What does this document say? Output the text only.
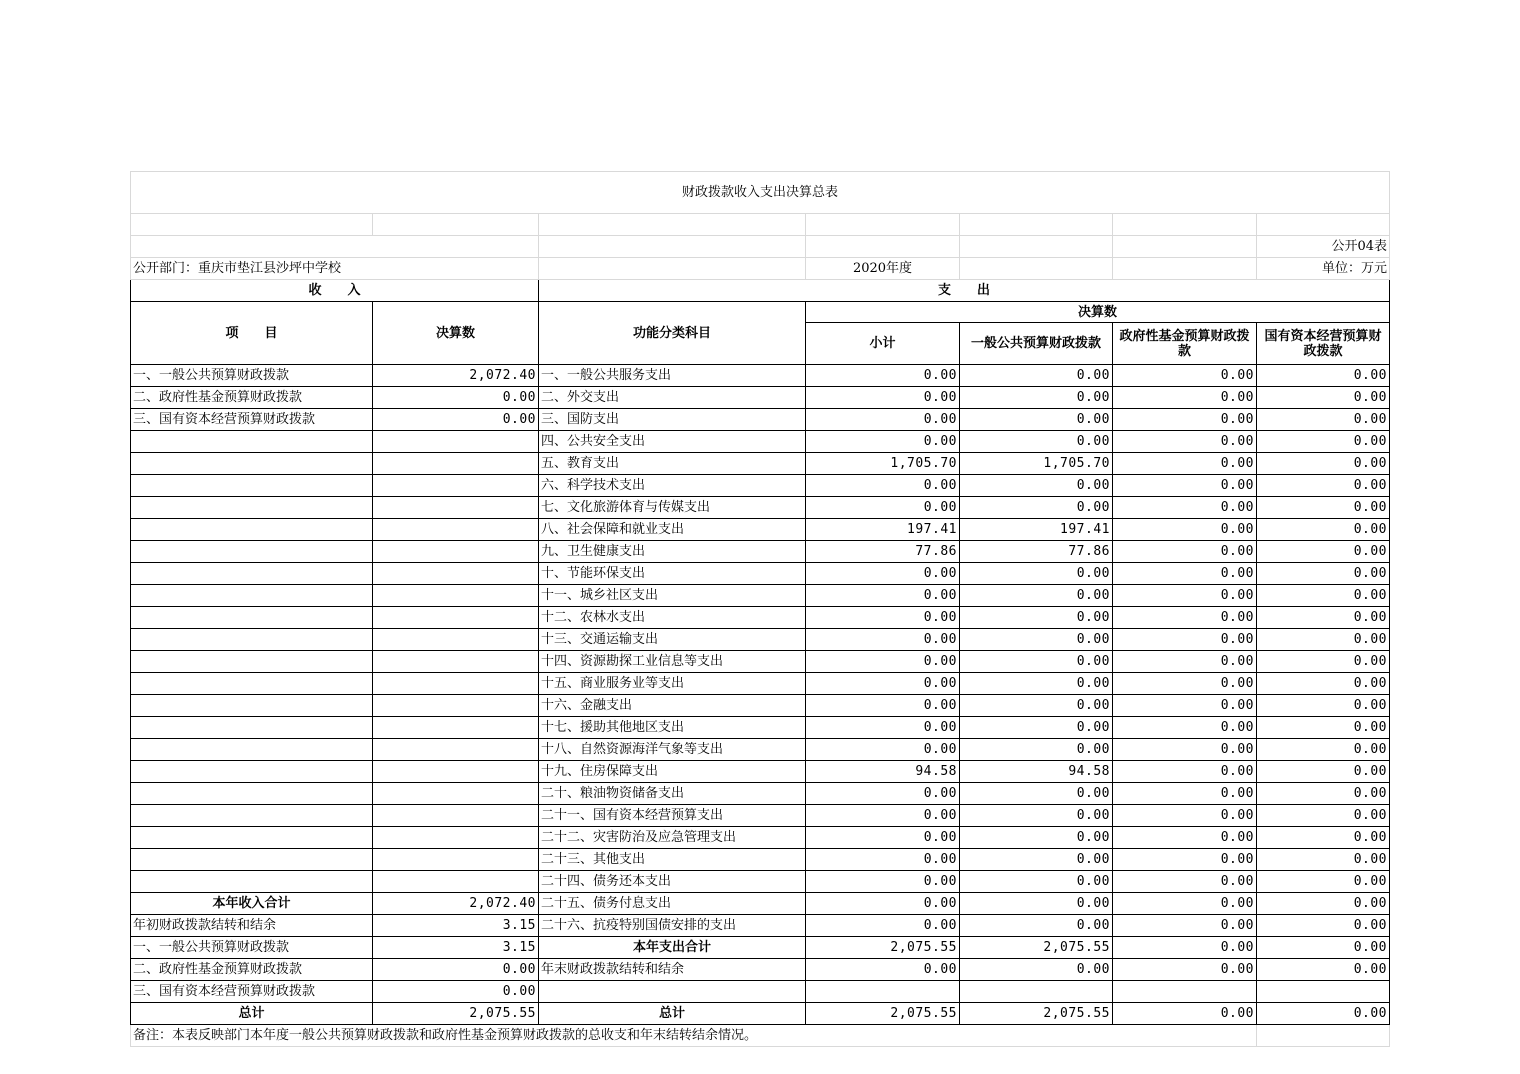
财政拨款收入支出决算总表						

						公开04表
公开部门：重庆市垫江县沙坪中学校			2020年度			单位：万元
收　　入		支　　出				
项　　目	决算数	功能分类科目	决算数			
			小计	一般公共预算财政拨款	政府性基金预算财政拨款	国有资本经营预算财政拨款
一、一般公共预算财政拨款	2,072.40	一、一般公共服务支出	0.00	0.00	0.00	0.00
二、政府性基金预算财政拨款	0.00	二、外交支出	0.00	0.00	0.00	0.00
三、国有资本经营预算财政拨款	0.00	三、国防支出	0.00	0.00	0.00	0.00
		四、公共安全支出	0.00	0.00	0.00	0.00
		五、教育支出	1,705.70	1,705.70	0.00	0.00
		六、科学技术支出	0.00	0.00	0.00	0.00
		七、文化旅游体育与传媒支出	0.00	0.00	0.00	0.00
		八、社会保障和就业支出	197.41	197.41	0.00	0.00
		九、卫生健康支出	77.86	77.86	0.00	0.00
		十、节能环保支出	0.00	0.00	0.00	0.00
		十一、城乡社区支出	0.00	0.00	0.00	0.00
		十二、农林水支出	0.00	0.00	0.00	0.00
		十三、交通运输支出	0.00	0.00	0.00	0.00
		十四、资源勘探工业信息等支出	0.00	0.00	0.00	0.00
		十五、商业服务业等支出	0.00	0.00	0.00	0.00
		十六、金融支出	0.00	0.00	0.00	0.00
		十七、援助其他地区支出	0.00	0.00	0.00	0.00
		十八、自然资源海洋气象等支出	0.00	0.00	0.00	0.00
		十九、住房保障支出	94.58	94.58	0.00	0.00
		二十、粮油物资储备支出	0.00	0.00	0.00	0.00
		二十一、国有资本经营预算支出	0.00	0.00	0.00	0.00
		二十二、灾害防治及应急管理支出	0.00	0.00	0.00	0.00
		二十三、其他支出	0.00	0.00	0.00	0.00
		二十四、债务还本支出	0.00	0.00	0.00	0.00
本年收入合计	2,072.40	二十五、债务付息支出	0.00	0.00	0.00	0.00
年初财政拨款结转和结余	3.15	二十六、抗疫特别国债安排的支出	0.00	0.00	0.00	0.00
一、一般公共预算财政拨款	3.15	本年支出合计	2,075.55	2,075.55	0.00	0.00
二、政府性基金预算财政拨款	0.00	年末财政拨款结转和结余	0.00	0.00	0.00	0.00
三、国有资本经营预算财政拨款	0.00					
总计	2,075.55	总计	2,075.55	2,075.55	0.00	0.00
备注：本表反映部门本年度一般公共预算财政拨款和政府性基金预算财政拨款的总收支和年末结转结余情况。						
